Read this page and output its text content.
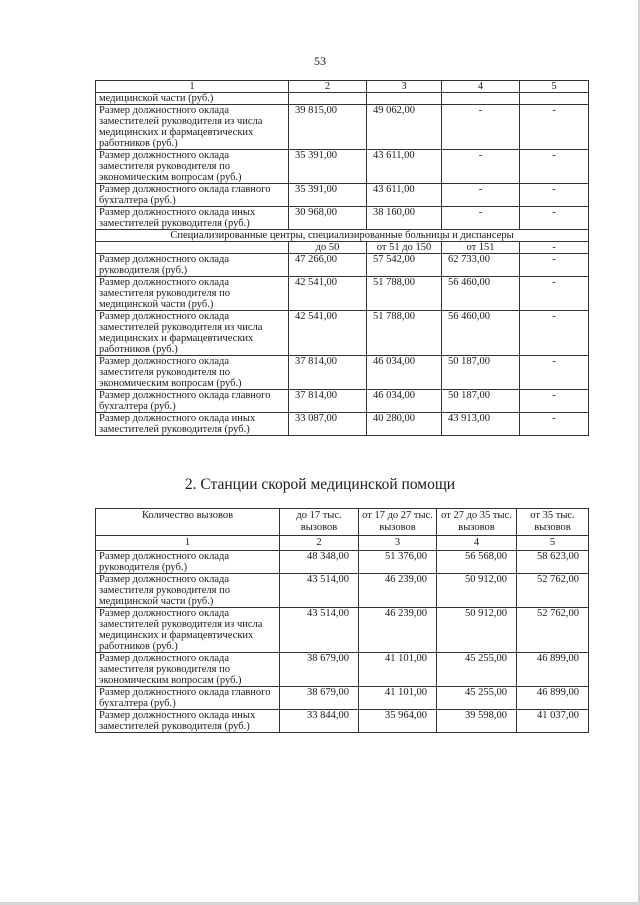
53
1	2	3	4	5
медицинской части (руб.)				
Размер должностного оклада заместителей руководителя из числа медицинских и фармацевтических работников (руб.)	39 815,00	49 062,00	-	-
Размер должностного оклада заместителя руководителя по экономическим вопросам (руб.)	35 391,00	43 611,00	-	-
Размер должностного оклада главного бухгалтера (руб.)	35 391,00	43 611,00	-	-
Размер должностного оклада иных заместителей руководителя (руб.)	30 968,00	38 160,00	-	-
Специализированные центры, специализированные больницы и диспансеры				
	до 50	от 51 до 150	от 151	-
Размер должностного оклада руководителя (руб.)	47 266,00	57 542,00	62 733,00	-
Размер должностного оклада заместителя руководителя по медицинской части (руб.)	42 541,00	51 788,00	56 460,00	-
Размер должностного оклада заместителей руководителя из числа медицинских и фармацевтических работников (руб.)	42 541,00	51 788,00	56 460,00	-
Размер должностного оклада заместителя руководителя по экономическим вопросам (руб.)	37 814,00	46 034,00	50 187,00	-
Размер должностного оклада главного бухгалтера (руб.)	37 814,00	46 034,00	50 187,00	-
Размер должностного оклада иных заместителей руководителя (руб.)	33 087,00	40 280,00	43 913,00	-
2. Станции скорой медицинской помощи
Количество вызовов	до 17 тыс. вызовов	от 17 до 27 тыс. вызовов	от 27 до 35 тыс. вызовов	от 35 тыс. вызовов
1	2	3	4	5
Размер должностного оклада руководителя (руб.)	48 348,00	51 376,00	56 568,00	58 623,00
Размер должностного оклада заместителя руководителя по медицинской части (руб.)	43 514,00	46 239,00	50 912,00	52 762,00
Размер должностного оклада заместителей руководителя из числа медицинских и фармацевтических работников (руб.)	43 514,00	46 239,00	50 912,00	52 762,00
Размер должностного оклада заместителя руководителя по экономическим вопросам (руб.)	38 679,00	41 101,00	45 255,00	46 899,00
Размер должностного оклада главного бухгалтера (руб.)	38 679,00	41 101,00	45 255,00	46 899,00
Размер должностного оклада иных заместителей руководителя (руб.)	33 844,00	35 964,00	39 598,00	41 037,00
